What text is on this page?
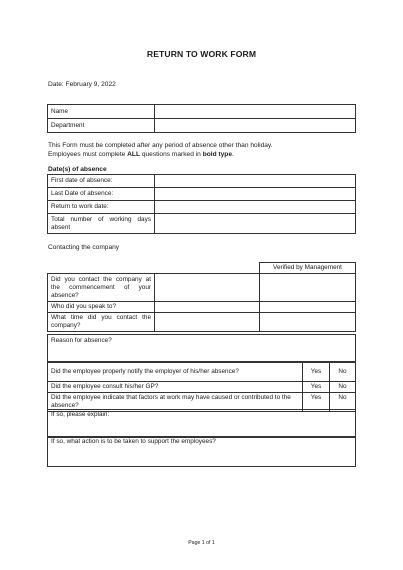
RETURN TO WORK FORM
Date: February 9, 2022
Name	
Department	
This Form must be completed after any period of absence other than holiday.
Employees must complete ALL questions marked in bold type.
Date(s) of absence
First date of absence:	
Last Date of absence:	
Return to work date:	
Total number of working days absent	
Contacting the company
		Verified by Management
Did you contact the company at the commencement of your absence?		
Who did you speak to?		
What time did you contact the company?		
Reason for absence?
Did the employee properly notify the employer of his/her absence?	Yes	No
Did the employee consult his/her GP?	Yes	No
Did the employee indicate that factors at work may have caused or contributed to the absence?	Yes	No
If so, please explain:
If so, what action is to be taken to support the employees?
Page 1 of 1
